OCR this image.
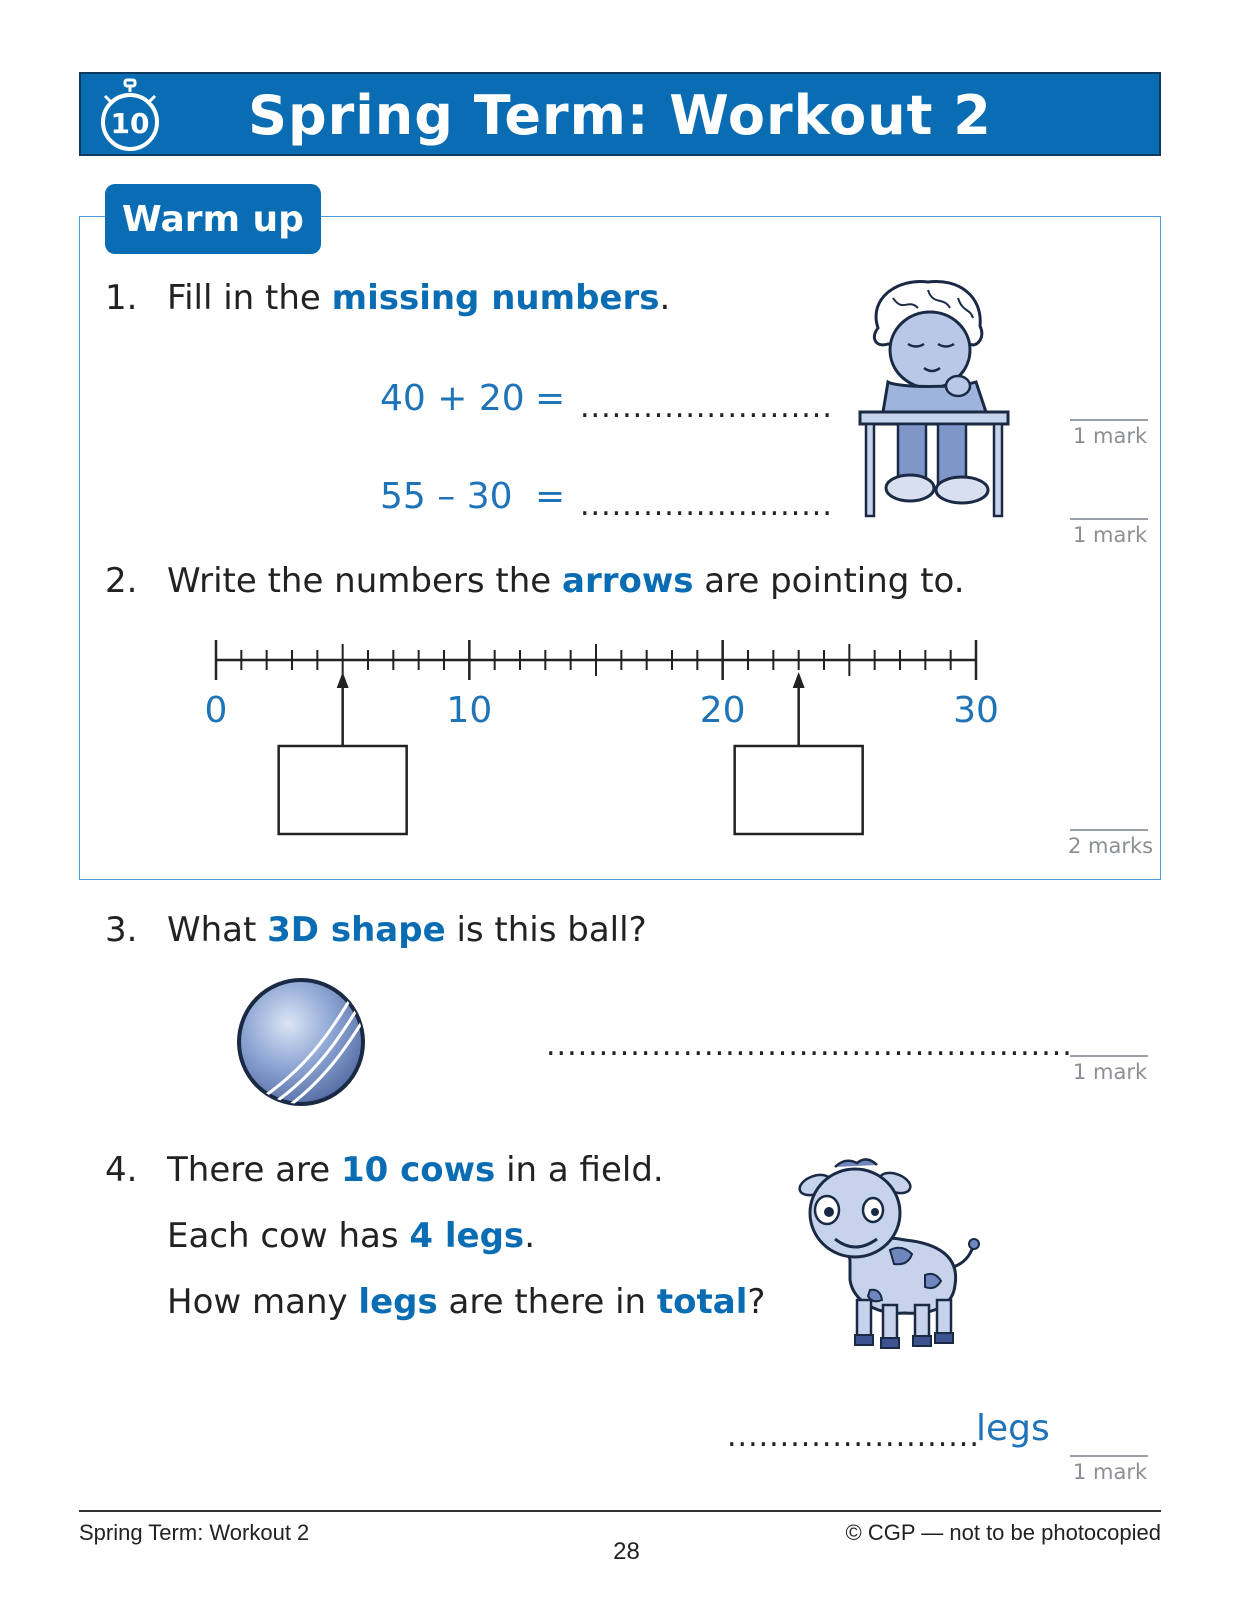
10	Spring Term: Workout 2
Warm up
1. Fill in the missing numbers.
40 + 20 = ........................
55 – 30 = ........................
1 mark
1 mark
2. Write the numbers the arrows are pointing to.
0	10	20	30
2 marks
3. What 3D shape is this ball?
..................................................
1 mark
4. There are 10 cows in a field.
Each cow has 4 legs.
How many legs are there in total?
........................
legs
1 mark
Spring Term: Workout 2
28
© CGP — not to be photocopied
